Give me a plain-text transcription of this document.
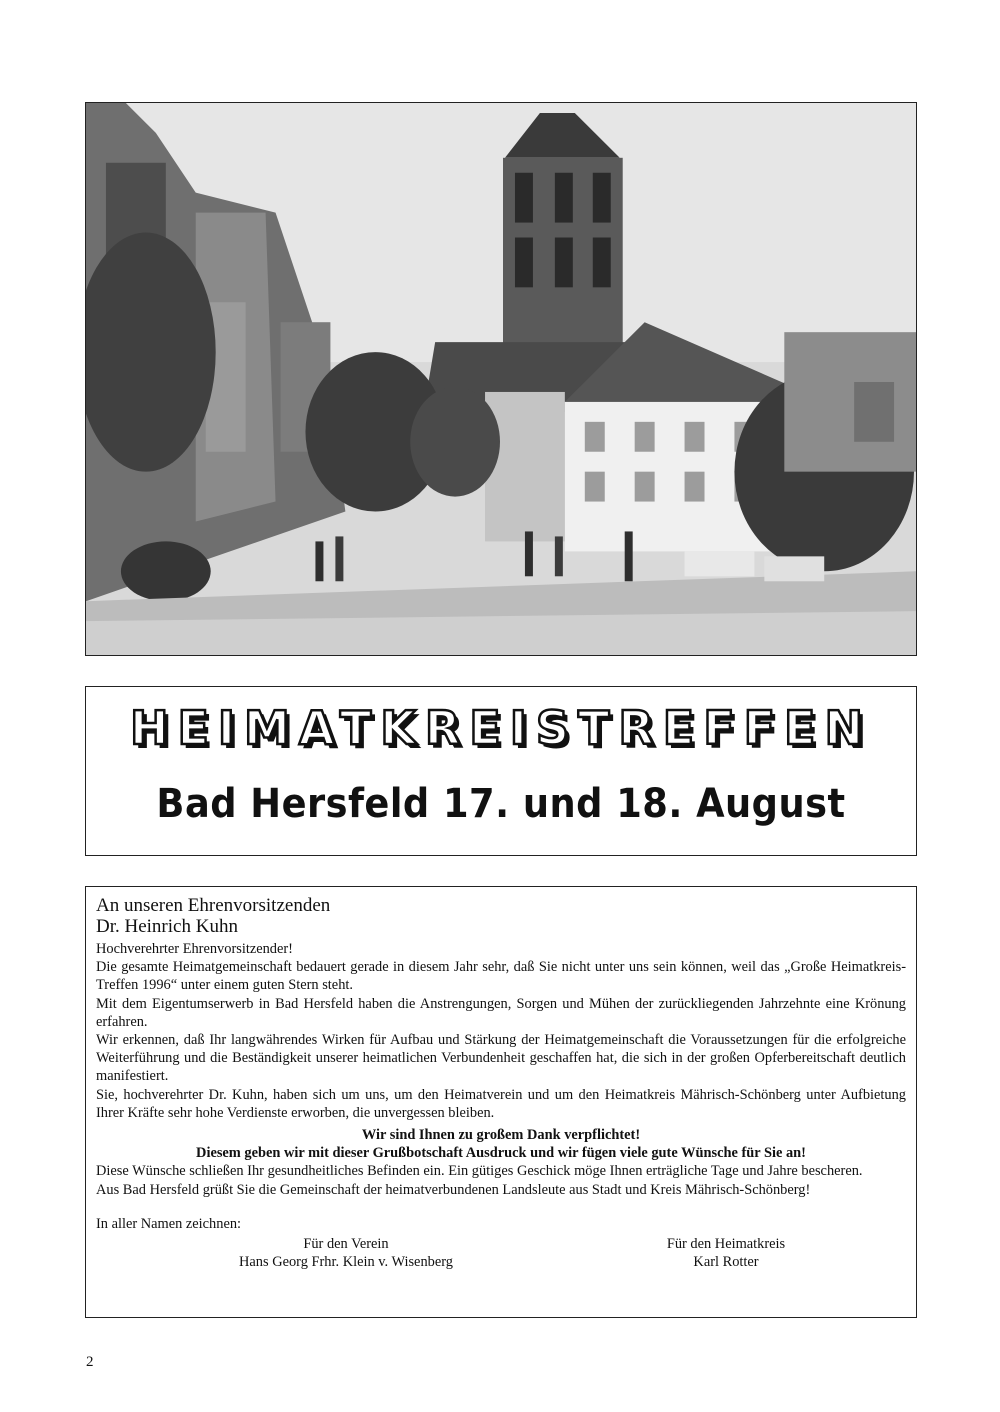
HEIMATKREISTREFFEN
Bad Hersfeld 17. und 18. August

An unseren Ehrenvorsitzenden

Dr. Heinrich Kuhn

Hochverehrter Ehrenvorsitzender!

Die gesamte Heimatgemeinschaft bedauert gerade in diesem Jahr sehr, daß Sie nicht unter uns sein können, weil das „Große Heimatkreis-Treffen 1996“ unter einem guten Stern steht.

Mit dem Eigentumserwerb in Bad Hersfeld haben die Anstrengungen, Sorgen und Mühen der zurückliegenden Jahrzehnte eine Krönung erfahren.

Wir erkennen, daß Ihr langwährendes Wirken für Aufbau und Stärkung der Heimatgemeinschaft die Voraussetzungen für die erfolgreiche Weiterführung und die Beständigkeit unserer heimatlichen Verbundenheit geschaffen hat, die sich in der großen Opferbereitschaft deutlich manifestiert.

Sie, hochverehrter Dr. Kuhn, haben sich um uns, um den Heimatverein und um den Heimatkreis Mährisch-Schönberg unter Aufbietung Ihrer Kräfte sehr hohe Verdienste erworben, die unvergessen bleiben.

Wir sind Ihnen zu großem Dank verpflichtet!

Diesem geben wir mit dieser Grußbotschaft Ausdruck und wir fügen viele gute Wünsche für Sie an!

Diese Wünsche schließen Ihr gesundheitliches Befinden ein. Ein gütiges Geschick möge Ihnen erträgliche Tage und Jahre bescheren.

Aus Bad Hersfeld grüßt Sie die Gemeinschaft der heimatverbundenen Landsleute aus Stadt und Kreis Mährisch-Schönberg!

In aller Namen zeichnen:

Für den Verein
Hans Georg Frhr. Klein v. Wisenberg
Für den Heimatkreis
Karl Rotter
2
